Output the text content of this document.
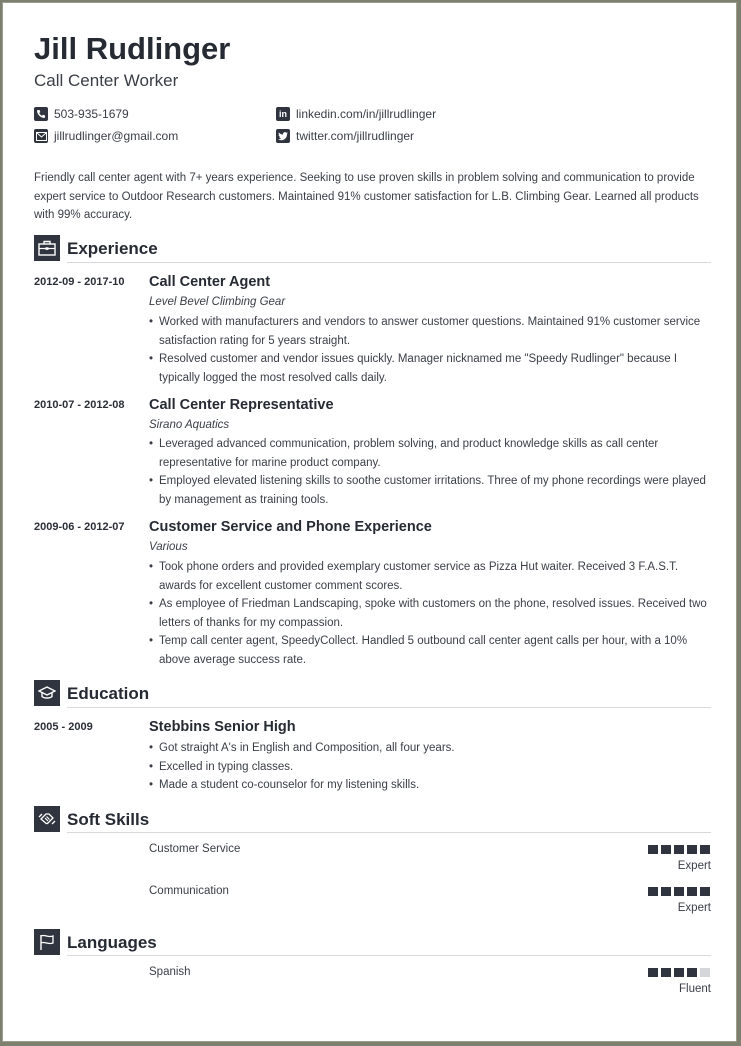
Jill Rudlinger
Call Center Worker
503-935-1679
jillrudlinger@gmail.com
in linkedin.com/in/jillrudlinger
twitter.com/jillrudlinger
Friendly call center agent with 7+ years experience. Seeking to use proven skills in problem solving and communication to provide expert service to Outdoor Research customers. Maintained 91% customer satisfaction for L.B. Climbing Gear. Learned all products with 99% accuracy.
Experience
2012-09 - 2017-10 Call Center Agent
Level Bevel Climbing Gear
• Worked with manufacturers and vendors to answer customer questions. Maintained 91% customer service satisfaction rating for 5 years straight.
• Resolved customer and vendor issues quickly. Manager nicknamed me "Speedy Rudlinger" because I typically logged the most resolved calls daily.
2010-07 - 2012-08 Call Center Representative
Sirano Aquatics
• Leveraged advanced communication, problem solving, and product knowledge skills as call center representative for marine product company.
• Employed elevated listening skills to soothe customer irritations. Three of my phone recordings were played by management as training tools.
2009-06 - 2012-07 Customer Service and Phone Experience
Various
• Took phone orders and provided exemplary customer service as Pizza Hut waiter. Received 3 F.A.S.T. awards for excellent customer comment scores.
• As employee of Friedman Landscaping, spoke with customers on the phone, resolved issues. Received two letters of thanks for my compassion.
• Temp call center agent, SpeedyCollect. Handled 5 outbound call center agent calls per hour, with a 10% above average success rate.
Education
2005 - 2009	Stebbins Senior High
• Got straight A's in English and Composition, all four years.
• Excelled in typing classes.
• Made a student co-counselor for my listening skills.
Soft Skills
Customer Service
Expert
Communication
Expert
Languages
Spanish
Fluent
